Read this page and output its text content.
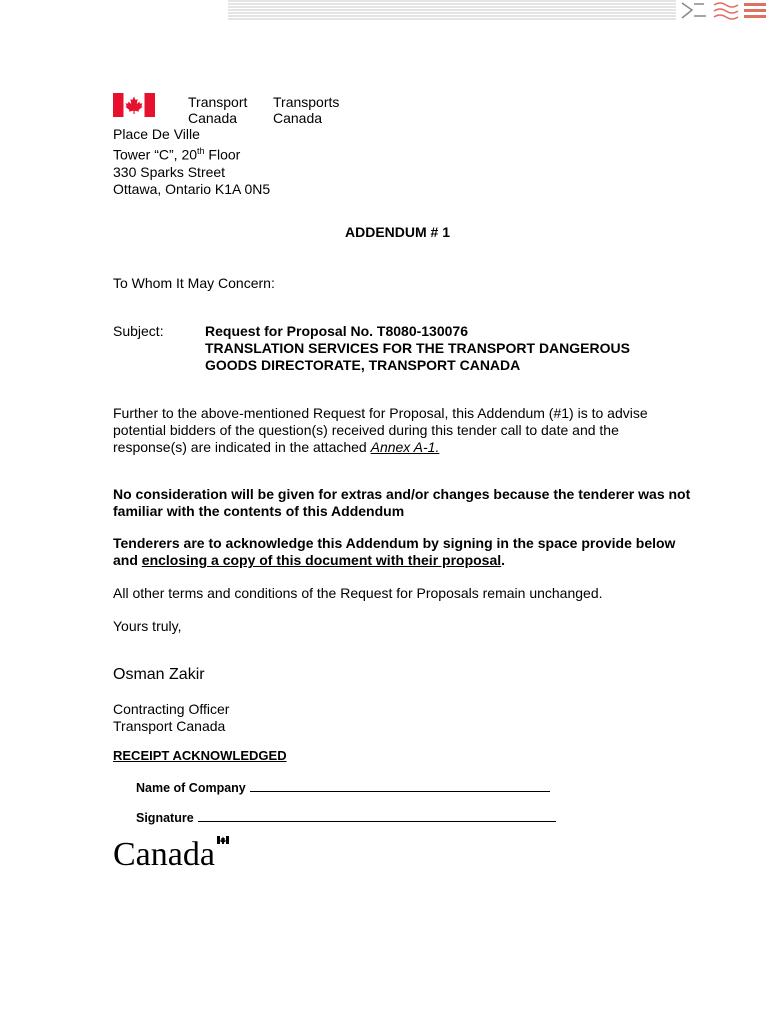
Transport
Canada
Transports
Canada
Place De Ville
Tower “C”, 20th Floor
330 Sparks Street
Ottawa, Ontario K1A 0N5
ADDENDUM # 1
To Whom It May Concern:
Subject:	Request for Proposal No. T8080-130076
TRANSLATION SERVICES FOR THE TRANSPORT DANGEROUS
GOODS DIRECTORATE, TRANSPORT CANADA
Further to the above-mentioned Request for Proposal, this Addendum (#1) is to advise potential bidders of the question(s) received during this tender call to date and the response(s) are indicated in the attached Annex A-1.
No consideration will be given for extras and/or changes because the tenderer was not familiar with the contents of this Addendum
Tenderers are to acknowledge this Addendum by signing in the space provide below and enclosing a copy of this document with their proposal.
All other terms and conditions of the Request for Proposals remain unchanged.
Yours truly,
Osman Zakir

Contracting Officer
Transport Canada
RECEIPT ACKNOWLEDGED
Name of Company
Signature
Canada
